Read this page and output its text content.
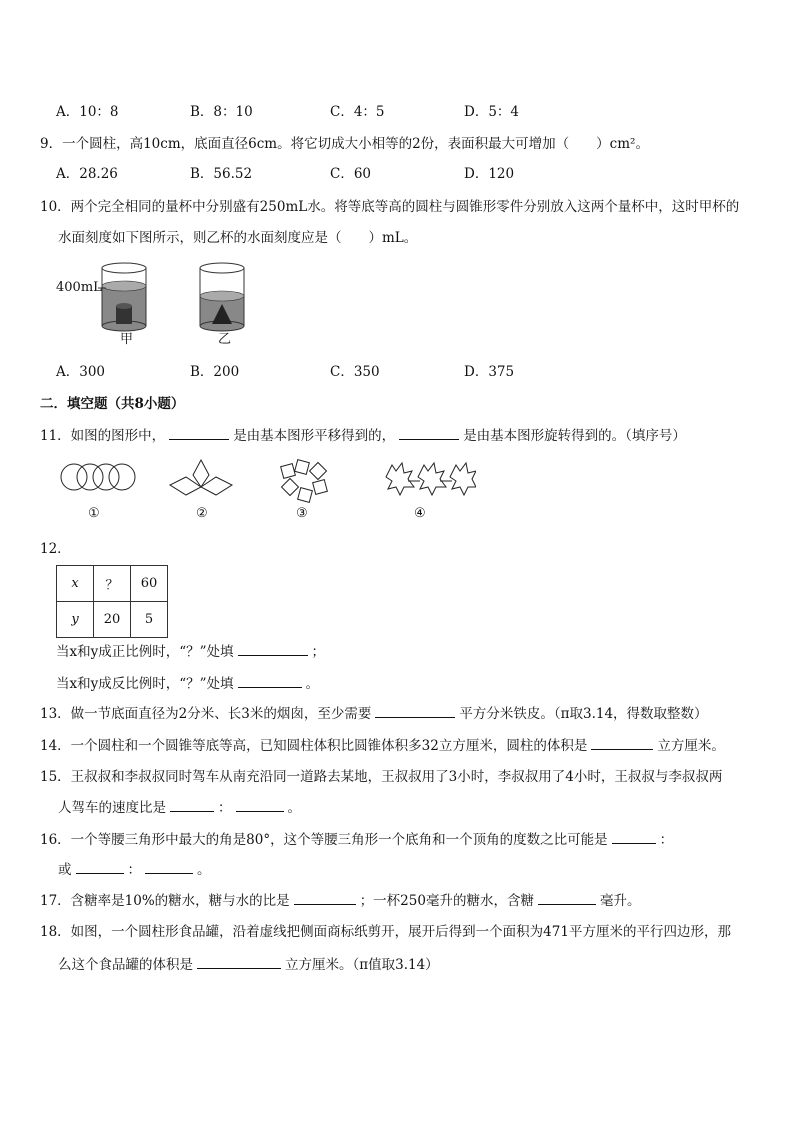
A．10：8	B．8：10	C．4：5	D．5：4
9．一个圆柱，高10cm，底面直径6cm。将它切成大小相等的2份，表面积最大可增加（　　）cm²。
A．28.26	B．56.52	C．60	D．120
10．两个完全相同的量杯中分别盛有250mL水。将等底等高的圆柱与圆锥形零件分别放入这两个量杯中，这时甲杯的
水面刻度如下图所示，则乙杯的水面刻度应是（　　）mL。
400mL
甲	乙
A．300	B．200	C．350	D．375
二．填空题（共8小题）
11．如图的图形中，	是由基本图形平移得到的，	是由基本图形旋转得到的。（填序号）
①	②	③	④
12．
x	？	60
y	20	5
当x和y成正比例时，“？”处填	；
当x和y成反比例时，“？”处填	。
13．做一节底面直径为2分米、长3米的烟囱，至少需要	平方分米铁皮。（π取3.14，得数取整数）
14．一个圆柱和一个圆锥等底等高，已知圆柱体积比圆锥体积多32立方厘米，圆柱的体积是	立方厘米。
15．王叔叔和李叔叔同时驾车从南充沿同一道路去某地，王叔叔用了3小时，李叔叔用了4小时，王叔叔与李叔叔两
人驾车的速度比是	：	。
16．一个等腰三角形中最大的角是80°，这个等腰三角形一个底角和一个顶角的度数之比可能是	：
或	：	。
17．含糖率是10%的糖水，糖与水的比是	；一杯250毫升的糖水，含糖	毫升。
18．如图，一个圆柱形食品罐，沿着虚线把侧面商标纸剪开，展开后得到一个面积为471平方厘米的平行四边形，那
么这个食品罐的体积是	立方厘米。（π值取3.14）
